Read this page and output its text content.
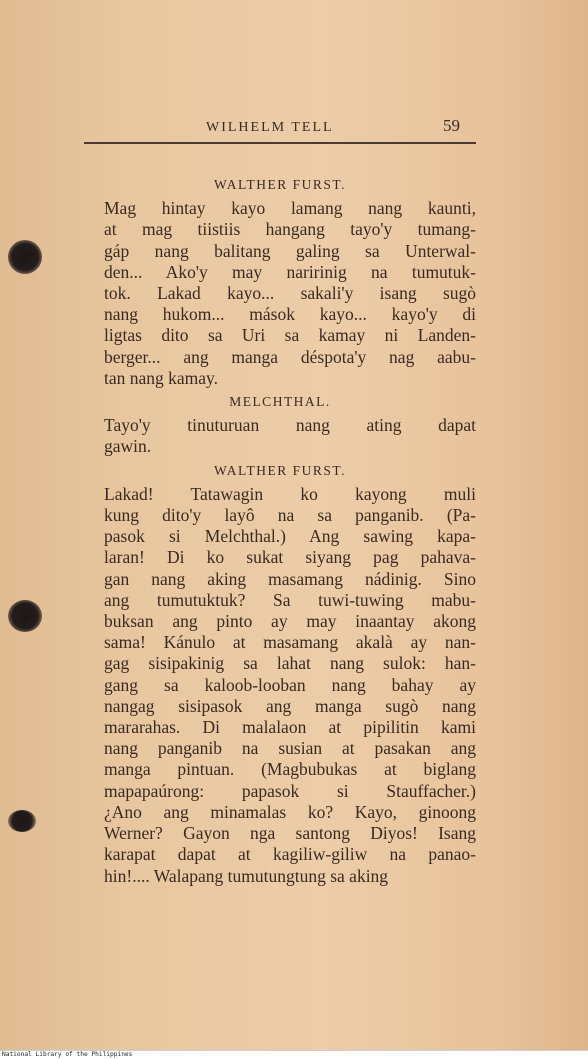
WILHELM TELL	59
WALTHER FURST.

Mag hintay kayo lamang nang kaunti,
at mag tiistiis hangang tayo'y tumang-
gáp nang balitang galing sa Unterwal-
den... Ako'y may naririnig na tumutuk-
tok. Lakad kayo... sakali'y isang sugò
nang hukom... mások kayo... kayo'y di
ligtas dito sa Uri sa kamay ni Landen-
berger... ang manga déspota'y nag aabu-
tan nang kamay.

MELCHTHAL.

Tayo'y tinuturuan nang ating dapat
gawin.

WALTHER FURST.

Lakad! Tatawagin ko kayong muli
kung dito'y layô na sa panganib. (Pa-
pasok si Melchthal.) Ang sawing kapa-
laran! Di ko sukat siyang pag pahava-
gan nang aking masamang nádinig. Sino
ang tumutuktuk? Sa tuwi-tuwing mabu-
buksan ang pinto ay may inaantay akong
sama! Kánulo at masamang akalà ay nan-
gag sisipakinig sa lahat nang sulok: han-
gang sa kaloob-looban nang bahay ay
nangag sisipasok ang manga sugò nang
mararahas. Di malalaon at pipilitin kami
nang panganib na susian at pasakan ang
manga pintuan. (Magbubukas at biglang
mapapaúrong: papasok si Stauffacher.)
¿Ano ang minamalas ko? Kayo, ginoong
Werner? Gayon nga santong Diyos! Isang
karapat dapat at kagiliw-giliw na panao-
hin!.... Walapang tumutungtung sa aking

National Library of the Philippines
